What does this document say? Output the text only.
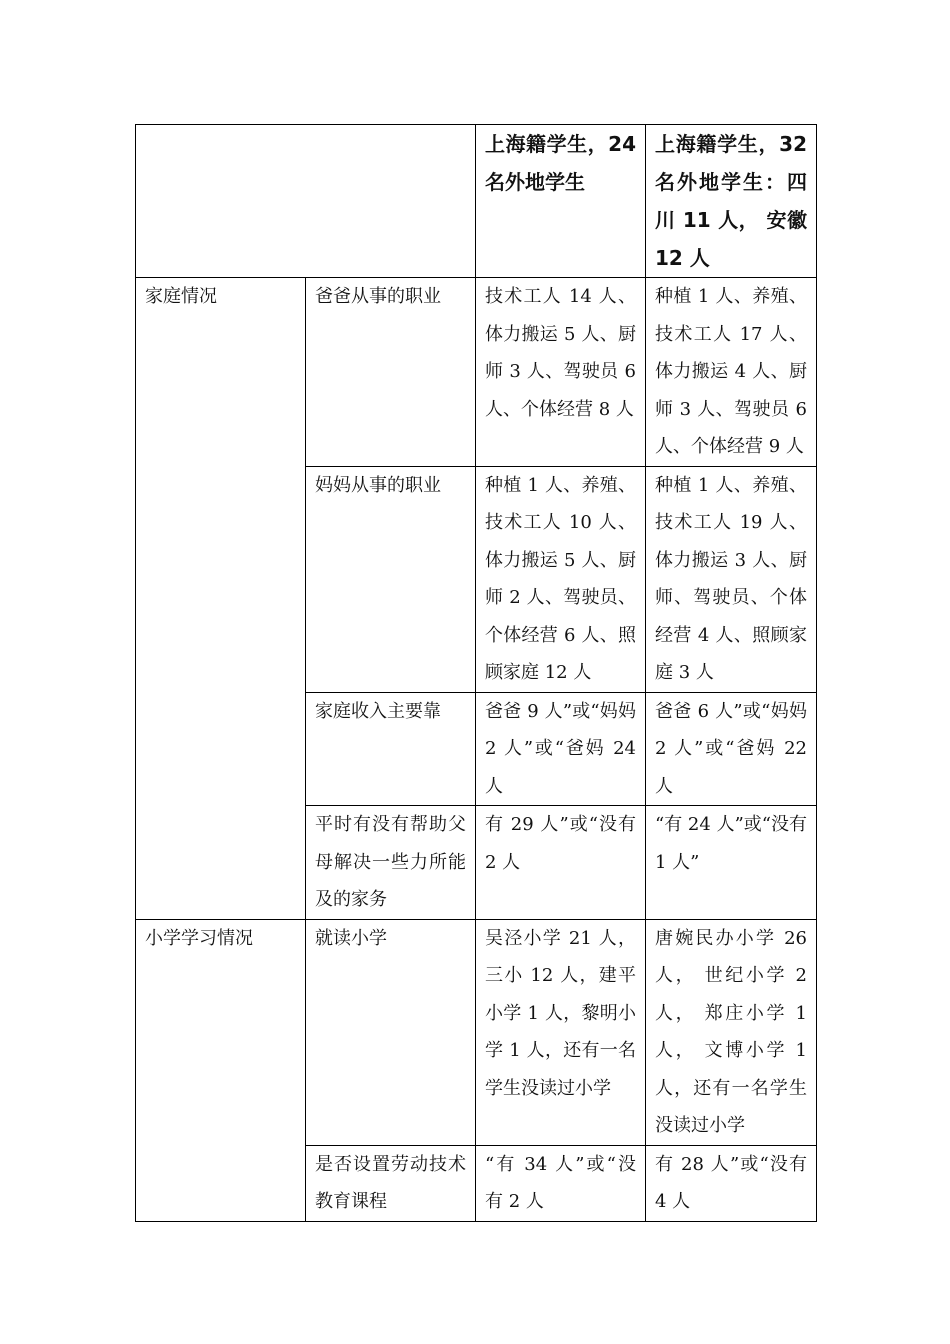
		上海籍学生，24名外地学生	上海籍学生，32名外地学生：四川 11 人， 安徽 12 人
家庭情况	爸爸从事的职业	技术工人 14 人、体力搬运 5 人、厨师 3 人、驾驶员 6 人、个体经营 8 人	种植 1 人、养殖、技术工人 17 人、体力搬运 4 人、厨师 3 人、驾驶员 6 人、个体经营 9 人
	妈妈从事的职业	种植 1 人、养殖、技术工人 10 人、体力搬运 5 人、厨师 2 人、驾驶员、个体经营 6 人、照顾家庭 12 人	种植 1 人、养殖、技术工人 19 人、体力搬运 3 人、厨师、驾驶员、个体经营 4 人、照顾家庭 3 人
	家庭收入主要靠	爸爸 9 人”或“妈妈 2 人”或“爸妈 24 人	爸爸 6 人”或“妈妈 2 人”或“爸妈 22 人
	平时有没有帮助父母解决一些力所能及的家务	有 29 人”或“没有 2 人	“有 24 人”或“没有 1 人”
小学学习情况	就读小学	吴泾小学 21 人，三小 12 人，建平小学 1 人，黎明小学 1 人，还有一名学生没读过小学	唐婉民办小学 26 人， 世纪小学 2 人， 郑庄小学 1 人， 文博小学 1 人，还有一名学生没读过小学
	是否设置劳动技术教育课程	“有 34 人”或“没有 2 人	有 28 人”或“没有 4 人
